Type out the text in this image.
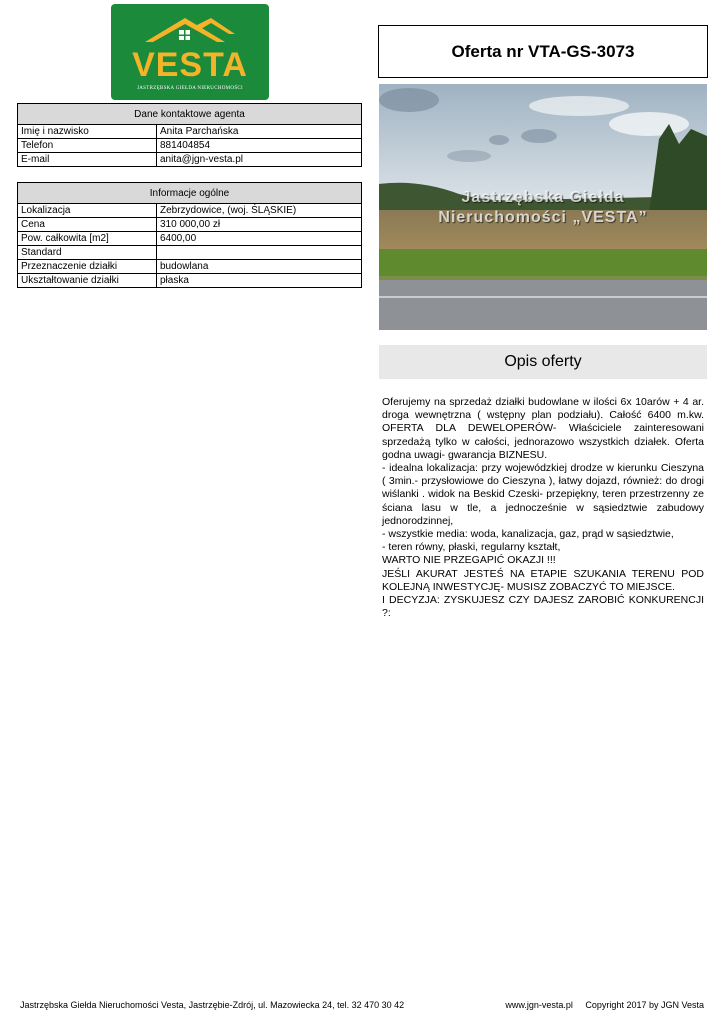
VESTA
JASTRZĘBSKA GIEŁDA NIERUCHOMOŚCI
Dane kontaktowe agenta	
Imię i nazwisko	Anita Parchańska
Telefon	881404854
E-mail	anita@jgn-vesta.pl
Informacje ogólne	
Lokalizacja	Zebrzydowice, (woj. ŚLĄSKIE)
Cena	310 000,00 zł
Pow. całkowita [m2]	6400,00
Standard	
Przeznaczenie działki	budowlana
Ukształtowanie działki	płaska
Oferta nr VTA-GS-3073
Jastrzębska Giełda
Nieruchomości „VESTA”
Opis oferty

Oferujemy na sprzedaż działki budowlane w ilości 6x 10arów + 4 ar. droga wewnętrzna ( wstępny plan podziału). Całość 6400 m.kw. OFERTA DLA DEWELOPERÓW- Właściciele zainteresowani sprzedażą tylko w całości, jednorazowo wszystkich działek. Oferta godna uwagi- gwarancja BIZNESU.

- idealna lokalizacja: przy wojewódzkiej drodze w kierunku Cieszyna ( 3min.- przysłowiowe do Cieszyna ), łatwy dojazd, również: do drogi wiślanki . widok na Beskid Czeski- przepiękny, teren przestrzenny ze ściana lasu w tle, a jednocześnie w sąsiedztwie zabudowy jednorodzinnej,

- wszystkie media: woda, kanalizacja, gaz, prąd w sąsiedztwie,

- teren równy, płaski, regularny kształt,

WARTO NIE PRZEGAPIĆ OKAZJI !!!

JEŚLI AKURAT JESTEŚ NA ETAPIE SZUKANIA TERENU POD KOLEJNĄ INWESTYCJĘ- MUSISZ ZOBACZYĆ TO MIEJSCE.

I DECYZJA: ZYSKUJESZ CZY DAJESZ ZAROBIĆ KONKURENCJI ?:

Jastrzębska Giełda Nieruchomości Vesta, Jastrzębie-Zdrój, ul. Mazowiecka 24, tel. 32 470 30 42	www.jgn-vesta.pl Copyright 2017 by JGN Vesta
